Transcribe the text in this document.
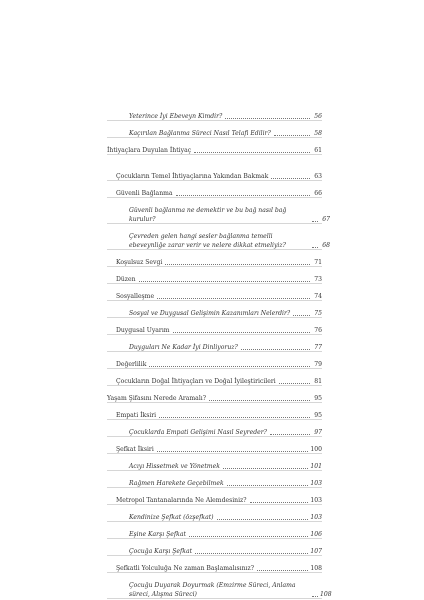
Yeterince İyi Ebeveyn Kimdir?	56
Kaçırılan Bağlanma Süreci Nasıl Telafi Edilir?	58
İhtiyaçlara Duyulan İhtiyaç	61
Çocukların Temel İhtiyaçlarına Yakından Bakmak	63
Güvenli Bağlanma	66
Güvenli bağlanma ne demektir ve bu bağ nasıl bağ kurulur?	67
Çevreden gelen hangi sesler bağlanma temelli ebeveynliğe zarar verir ve nelere dikkat etmeliyiz?	68
Koşulsuz Sevgi	71
Düzen	73
Sosyalleşme	74
Sosyal ve Duygusal Gelişimin Kazanımları Nelerdir?	75
Duygusal Uyarım	76
Duyguları Ne Kadar İyi Dinliyoruz?	77
Değerlilik	79
Çocukların Doğal İhtiyaçları ve Doğal İyileştiricileri	81
Yaşam Şifasını Nerede Aramalı?	95
Empati İksiri	95
Çocuklarda Empati Gelişimi Nasıl Seyreder?	97
Şefkat İksiri	100
Acıyı Hissetmek ve Yönetmek	101
Rağmen Harekete Geçebilmek	103
Metropol Tantanalarında Ne Alemdesiniz?	103
Kendinize Şefkat (özşefkat)	103
Eşine Karşı Şefkat	106
Çocuğa Karşı Şefkat	107
Şefkatli Yolculuğa Ne zaman Başlamalısınız?	108
Çocuğu Duyarak Doyurmak (Emzirme Süreci, Anlama süreci, Alışma Süreci)	108
